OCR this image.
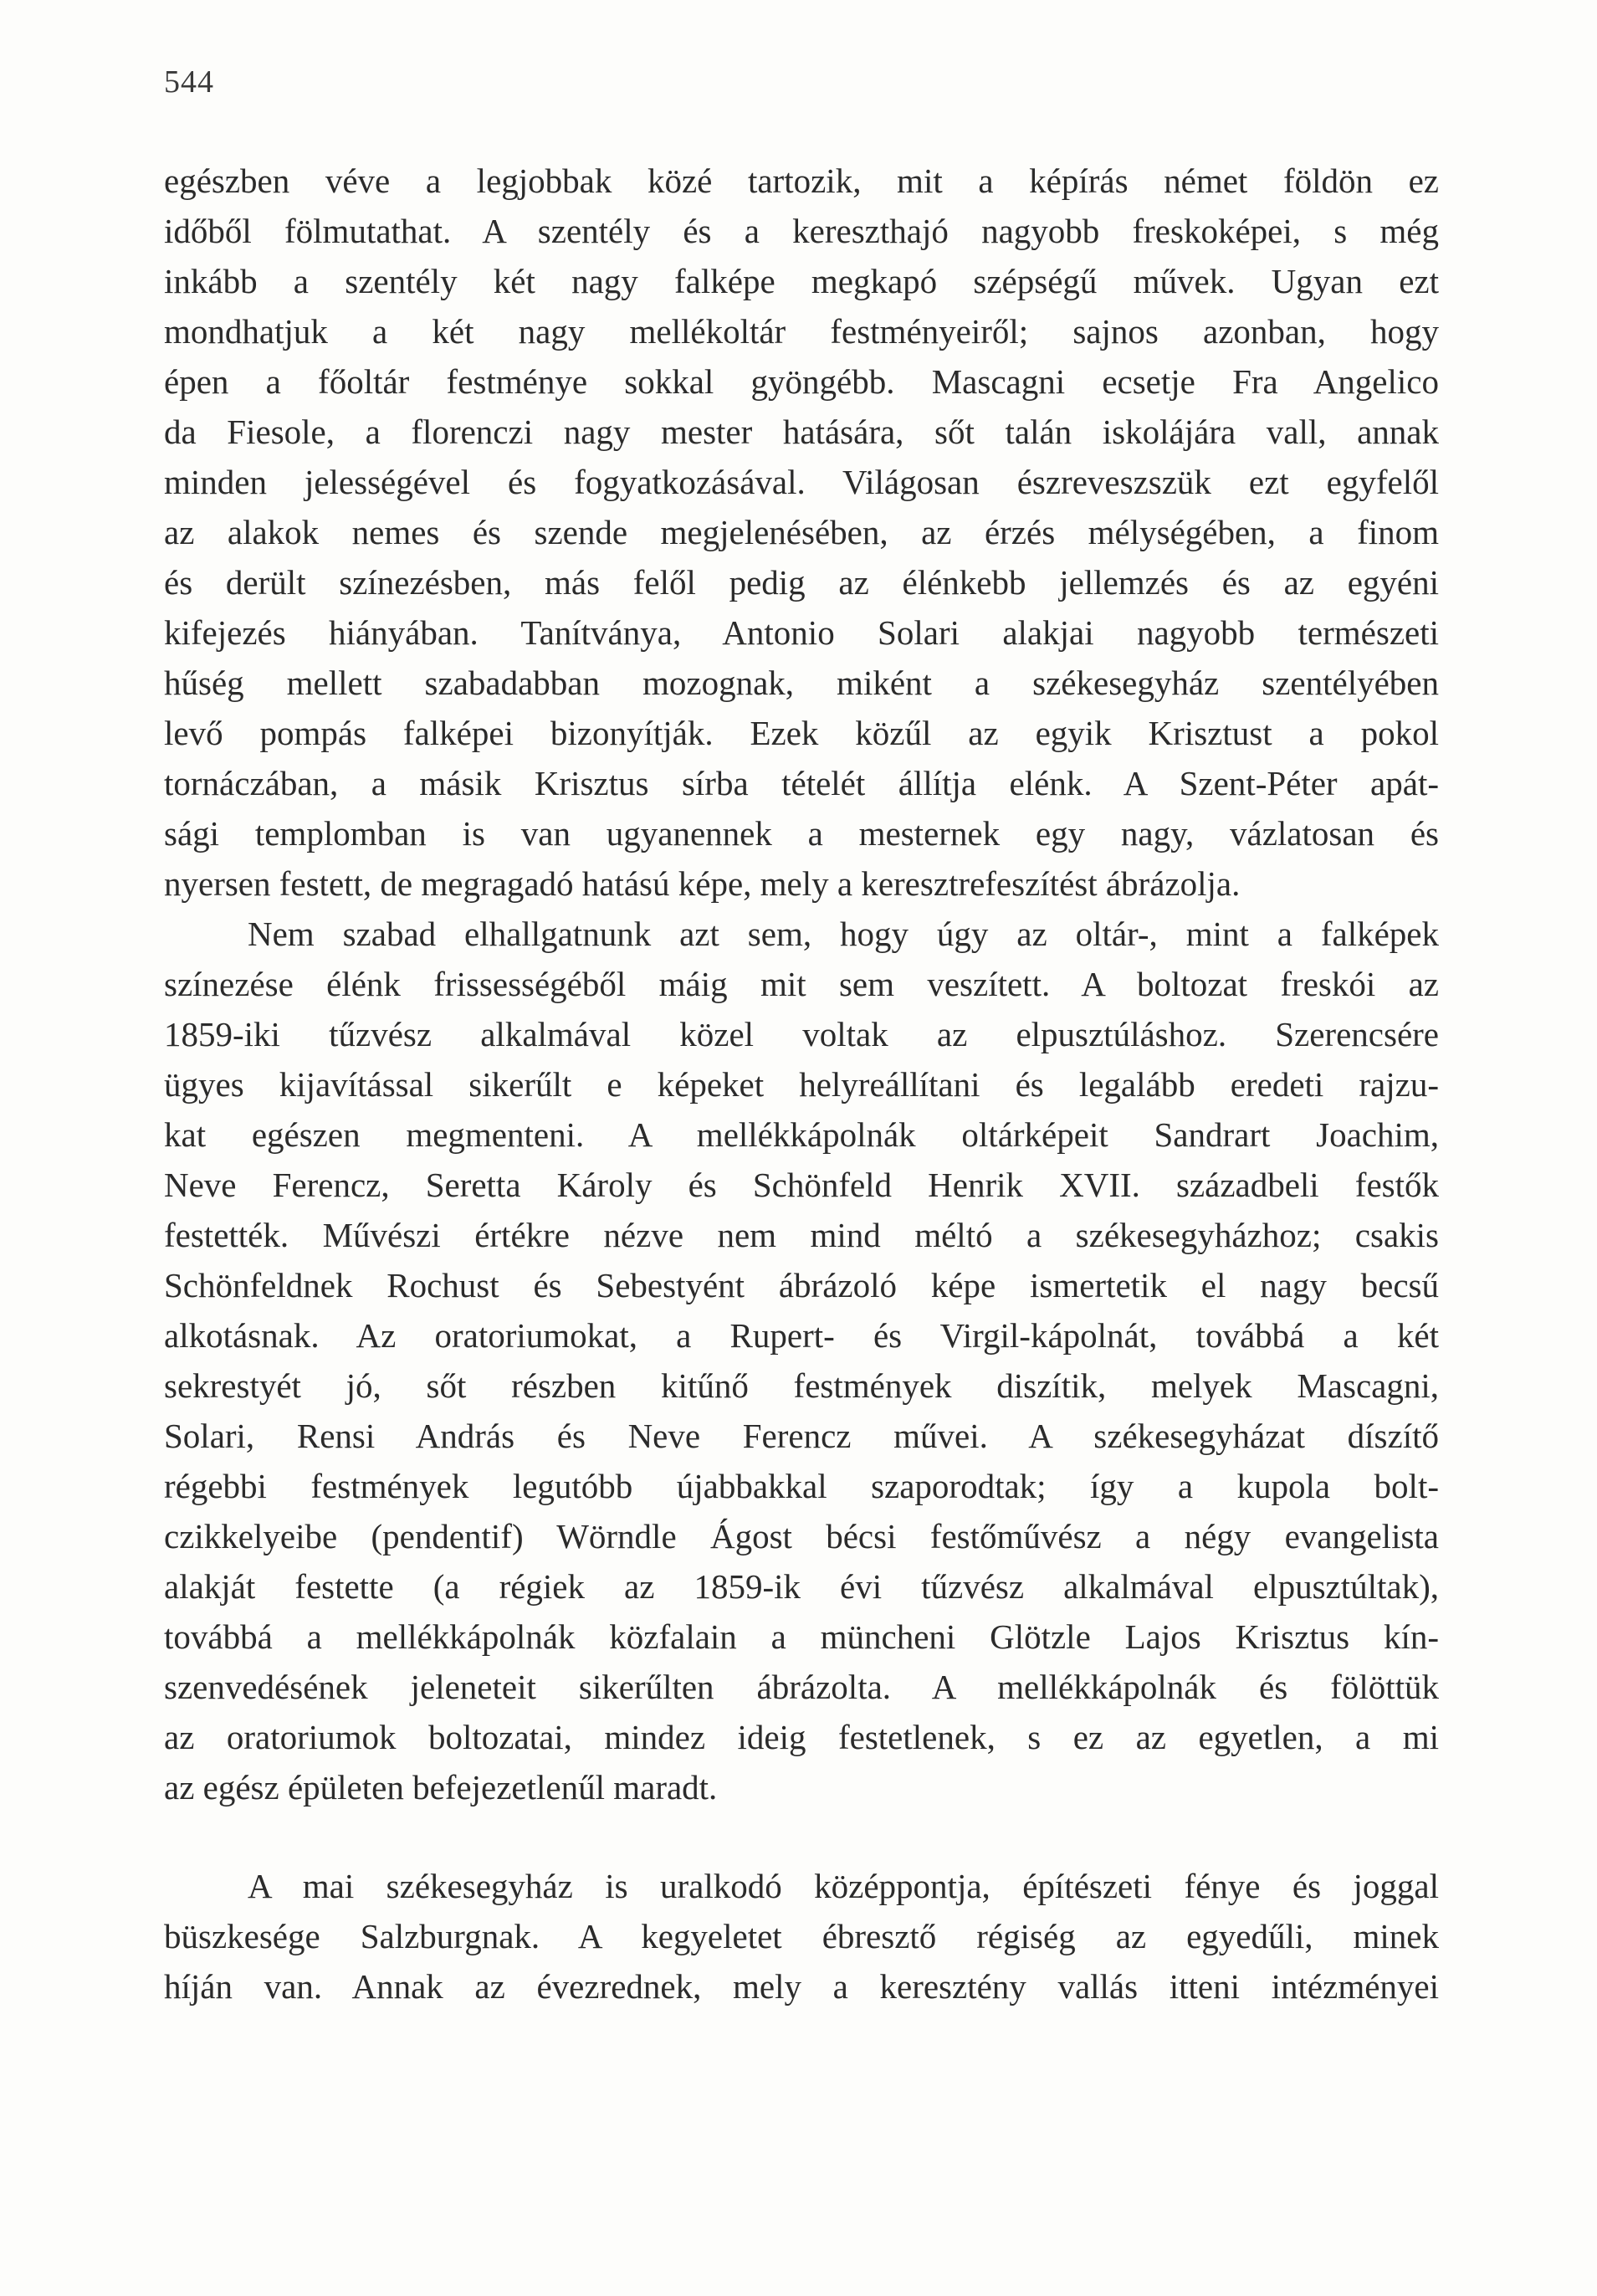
544
egészben véve a legjobbak közé tartozik, mit a képírás német földön ez
időből fölmutathat. A szentély és a kereszthajó nagyobb freskoképei, s még
inkább a szentély két nagy falképe megkapó szépségű művek. Ugyan ezt
mondhatjuk a két nagy mellékoltár festményeiről; sajnos azonban, hogy
épen a főoltár festménye sokkal gyöngébb. Mascagni ecsetje Fra Angelico
da Fiesole, a florenczi nagy mester hatására, sőt talán iskolájára vall, annak
minden jelességével és fogyatkozásával. Világosan észreveszszük ezt egyfelől
az alakok nemes és szende megjelenésében, az érzés mélységében, a finom
és derült színezésben, más felől pedig az élénkebb jellemzés és az egyéni
kifejezés hiányában. Tanítványa, Antonio Solari alakjai nagyobb természeti
hűség mellett szabadabban mozognak, miként a székesegyház szentélyében
levő pompás falképei bizonyítják. Ezek közűl az egyik Krisztust a pokol
tornáczában, a másik Krisztus sírba tételét állítja elénk. A Szent-Péter apát-
sági templomban is van ugyanennek a mesternek egy nagy, vázlatosan és
nyersen festett, de megragadó hatású képe, mely a keresztrefeszítést ábrázolja.
Nem szabad elhallgatnunk azt sem, hogy úgy az oltár-, mint a falképek
színezése élénk frissességéből máig mit sem veszített. A boltozat freskói az
1859-iki tűzvész alkalmával közel voltak az elpusztúláshoz. Szerencsére
ügyes kijavítással sikerűlt e képeket helyreállítani és legalább eredeti rajzu-
kat egészen megmenteni. A mellékkápolnák oltárképeit Sandrart Joachim,
Neve Ferencz, Seretta Károly és Schönfeld Henrik XVII. századbeli festők
festették. Művészi értékre nézve nem mind méltó a székesegyházhoz; csakis
Schönfeldnek Rochust és Sebestyént ábrázoló képe ismertetik el nagy becsű
alkotásnak. Az oratoriumokat, a Rupert- és Virgil-kápolnát, továbbá a két
sekrestyét jó, sőt részben kitűnő festmények diszítik, melyek Mascagni,
Solari, Rensi András és Neve Ferencz művei. A székesegyházat díszítő
régebbi festmények legutóbb újabbakkal szaporodtak; így a kupola bolt-
czikkelyeibe (pendentif) Wörndle Ágost bécsi festőművész a négy evangelista
alakját festette (a régiek az 1859-ik évi tűzvész alkalmával elpusztúltak),
továbbá a mellékkápolnák közfalain a müncheni Glötzle Lajos Krisztus kín-
szenvedésének jeleneteit sikerűlten ábrázolta. A mellékkápolnák és fölöttük
az oratoriumok boltozatai, mindez ideig festetlenek, s ez az egyetlen, a mi
az egész épületen befejezetlenűl maradt.
A mai székesegyház is uralkodó középpontja, építészeti fénye és joggal
büszkesége Salzburgnak. A kegyeletet ébresztő régiség az egyedűli, minek
híján van. Annak az évezrednek, mely a keresztény vallás itteni intézményei
